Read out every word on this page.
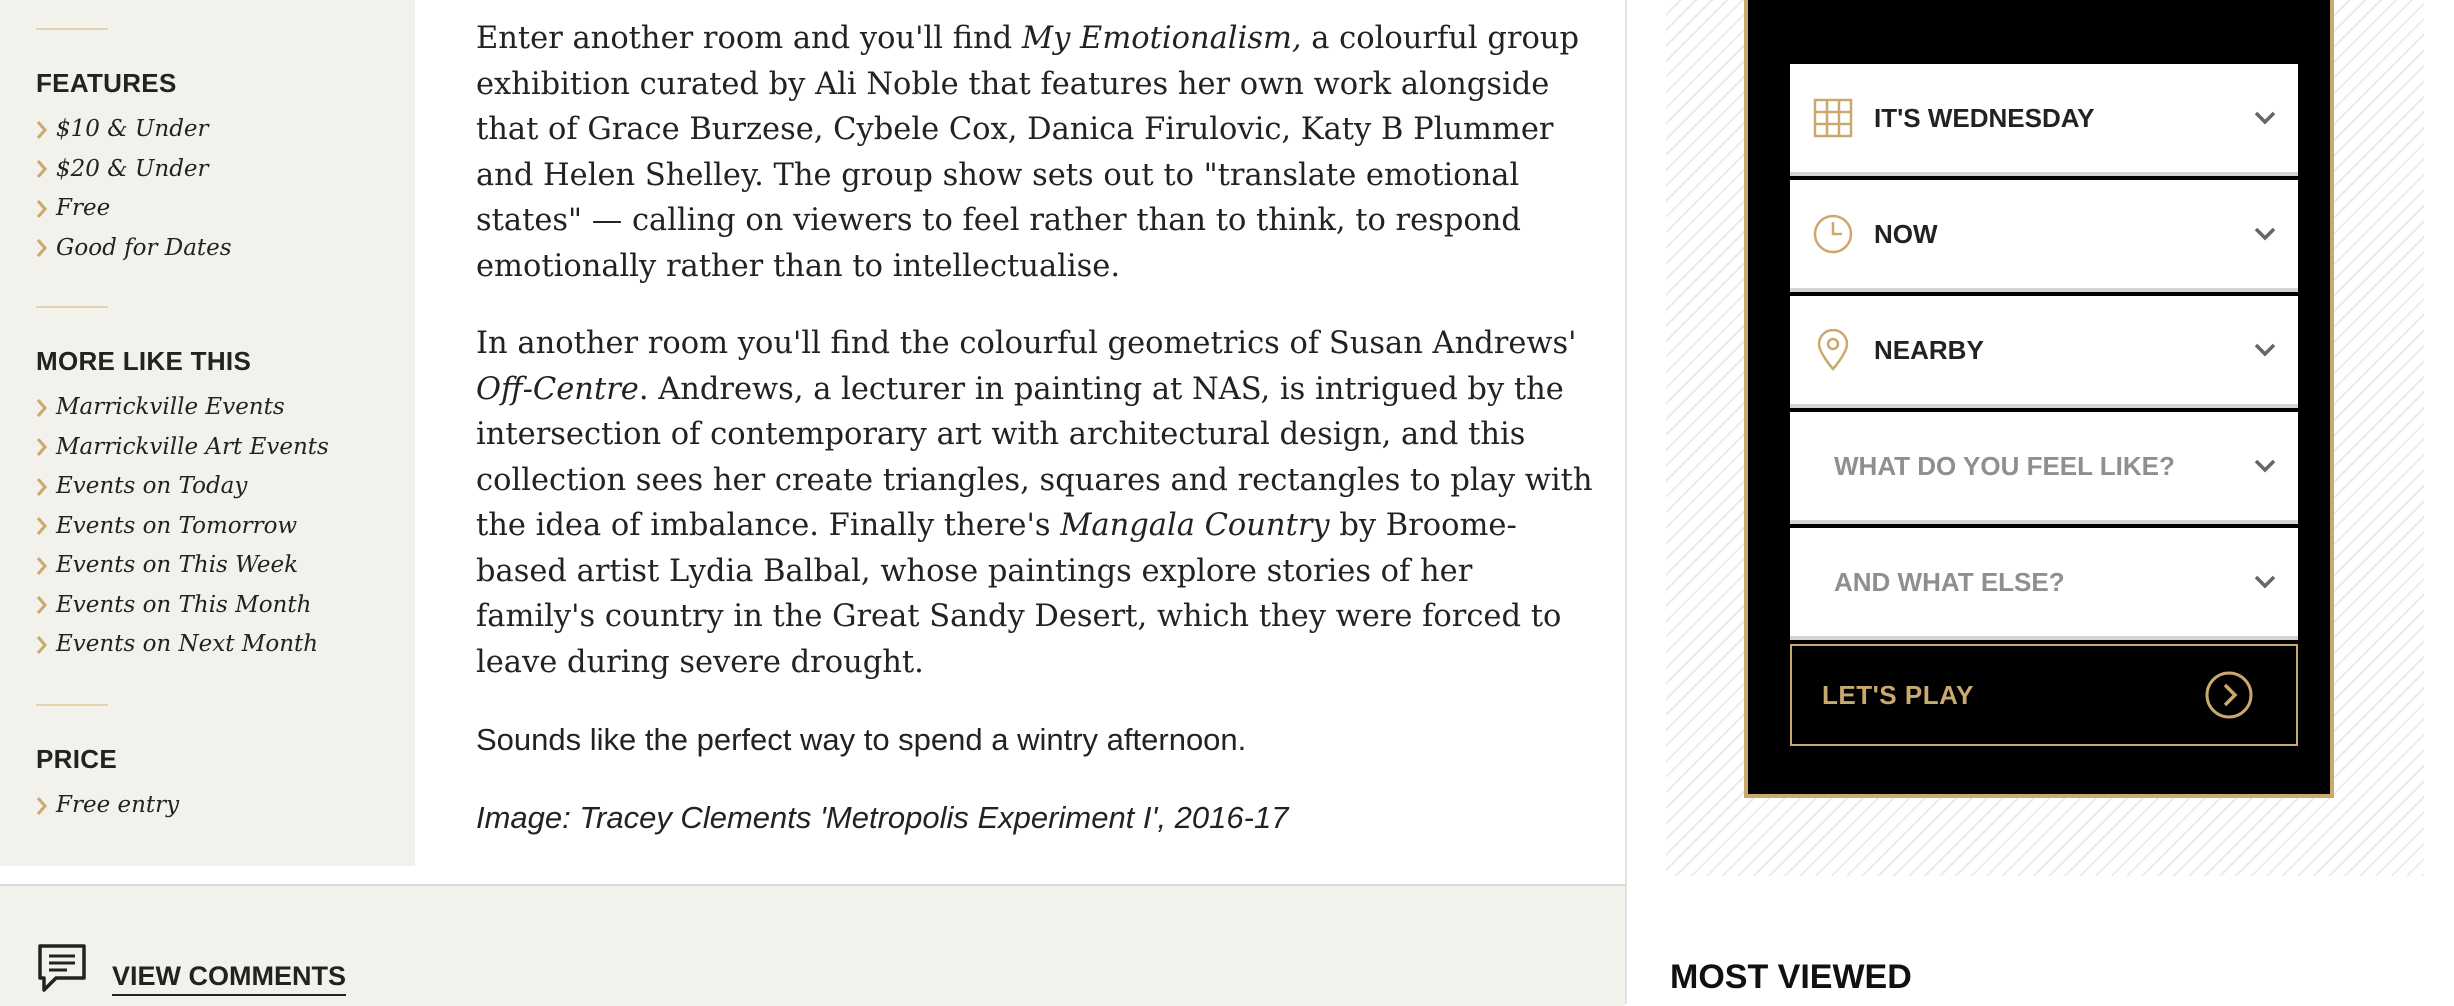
FEATURES
$10 & Under
$20 & Under
Free
Good for Dates
MORE LIKE THIS
Marrickville Events
Marrickville Art Events
Events on Today
Events on Tomorrow
Events on This Week
Events on This Month
Events on Next Month
PRICE
Free entry

Enter another room and you'll find My Emotionalism, a colourful group exhibition curated by Ali Noble that features her own work alongside that of Grace Burzese, Cybele Cox, Danica Firulovic, Katy B Plummer and Helen Shelley. The group show sets out to "translate emotional states" — calling on viewers to feel rather than to think, to respond emotionally rather than to intellectualise.

In another room you'll find the colourful geometrics of Susan Andrews' Off-Centre. Andrews, a lecturer in painting at NAS, is intrigued by the intersection of contemporary art with architectural design, and this collection sees her create triangles, squares and rectangles to play with the idea of imbalance. Finally there's Mangala Country by Broome-based artist Lydia Balbal, whose paintings explore stories of her family's country in the Great Sandy Desert, which they were forced to leave during severe drought.

Sounds like the perfect way to spend a wintry afternoon.

Image: Tracey Clements 'Metropolis Experiment I', 2016-17

VIEW COMMENTS
IT'S WEDNESDAY
NOW
NEARBY
WHAT DO YOU FEEL LIKE?
AND WHAT ELSE?
LET'S PLAY
MOST VIEWED
